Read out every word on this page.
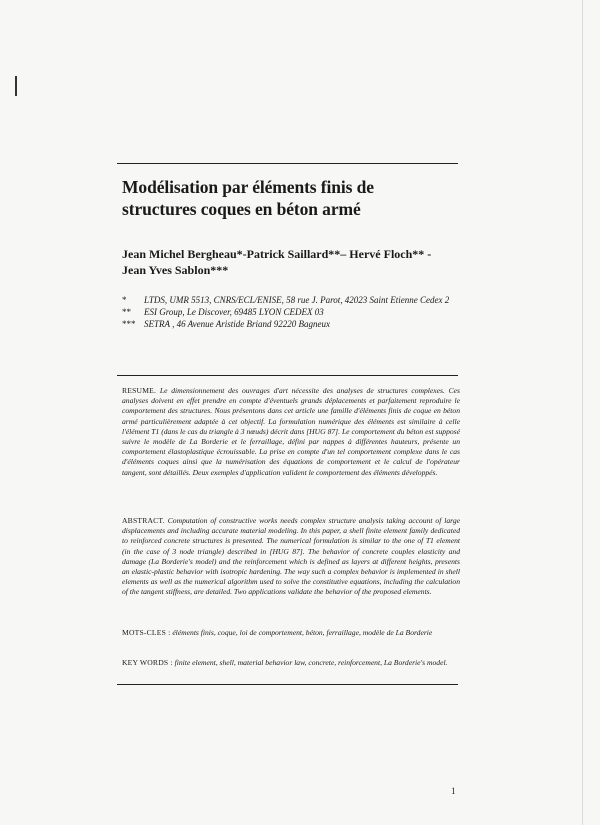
Modélisation par éléments finis de
structures coques en béton armé
Jean Michel Bergheau*-Patrick Saillard**– Hervé Floch** -
Jean Yves Sablon***
*	LTDS, UMR 5513, CNRS/ECL/ENISE, 58 rue J. Parot, 42023 Saint Etienne Cedex 2
**	ESI Group, Le Discover, 69485 LYON CEDEX 03
*** SETRA , 46 Avenue Aristide Briand 92220 Bagneux
RESUME. Le dimensionnement des ouvrages d'art nécessite des analyses de structures complexes. Ces analyses doivent en effet prendre en compte d'éventuels grands déplacements et parfaitement reproduire le comportement des structures. Nous présentons dans cet article une famille d'éléments finis de coque en béton armé particulièrement adaptée à cet objectif. La formulation numérique des éléments est similaire à celle l'élément T1 (dans le cas du triangle à 3 nœuds) décrit dans [HUG 87]. Le comportement du béton est supposé suivre le modèle de La Borderie et le ferraillage, défini par nappes à différentes hauteurs, présente un comportement élastoplastique écrouissable. La prise en compte d'un tel comportement complexe dans le cas d'éléments coques ainsi que la numérisation des équations de comportement et le calcul de l'opérateur tangent, sont détaillés. Deux exemples d'application valident le comportement des éléments développés.
ABSTRACT. Computation of constructive works needs complex structure analysis taking account of large displacements and including accurate material modeling. In this paper, a shell finite element family dedicated to reinforced concrete structures is presented. The numerical formulation is similar to the one of T1 element (in the case of 3 node triangle) described in [HUG 87]. The behavior of concrete couples elasticity and damage (La Borderie's model) and the reinforcement which is defined as layers at different heights, presents an elastic-plastic behavior with isotropic hardening. The way such a complex behavior is implemented in shell elements as well as the numerical algorithm used to solve the constitutive equations, including the calculation of the tangent stiffness, are detailed. Two applications validate the behavior of the proposed elements.
MOTS-CLES : éléments finis, coque, loi de comportement, béton, ferraillage, modèle de La Borderie
KEY WORDS : finite element, shell, material behavior law, concrete, reinforcement, La Borderie's model.
1
